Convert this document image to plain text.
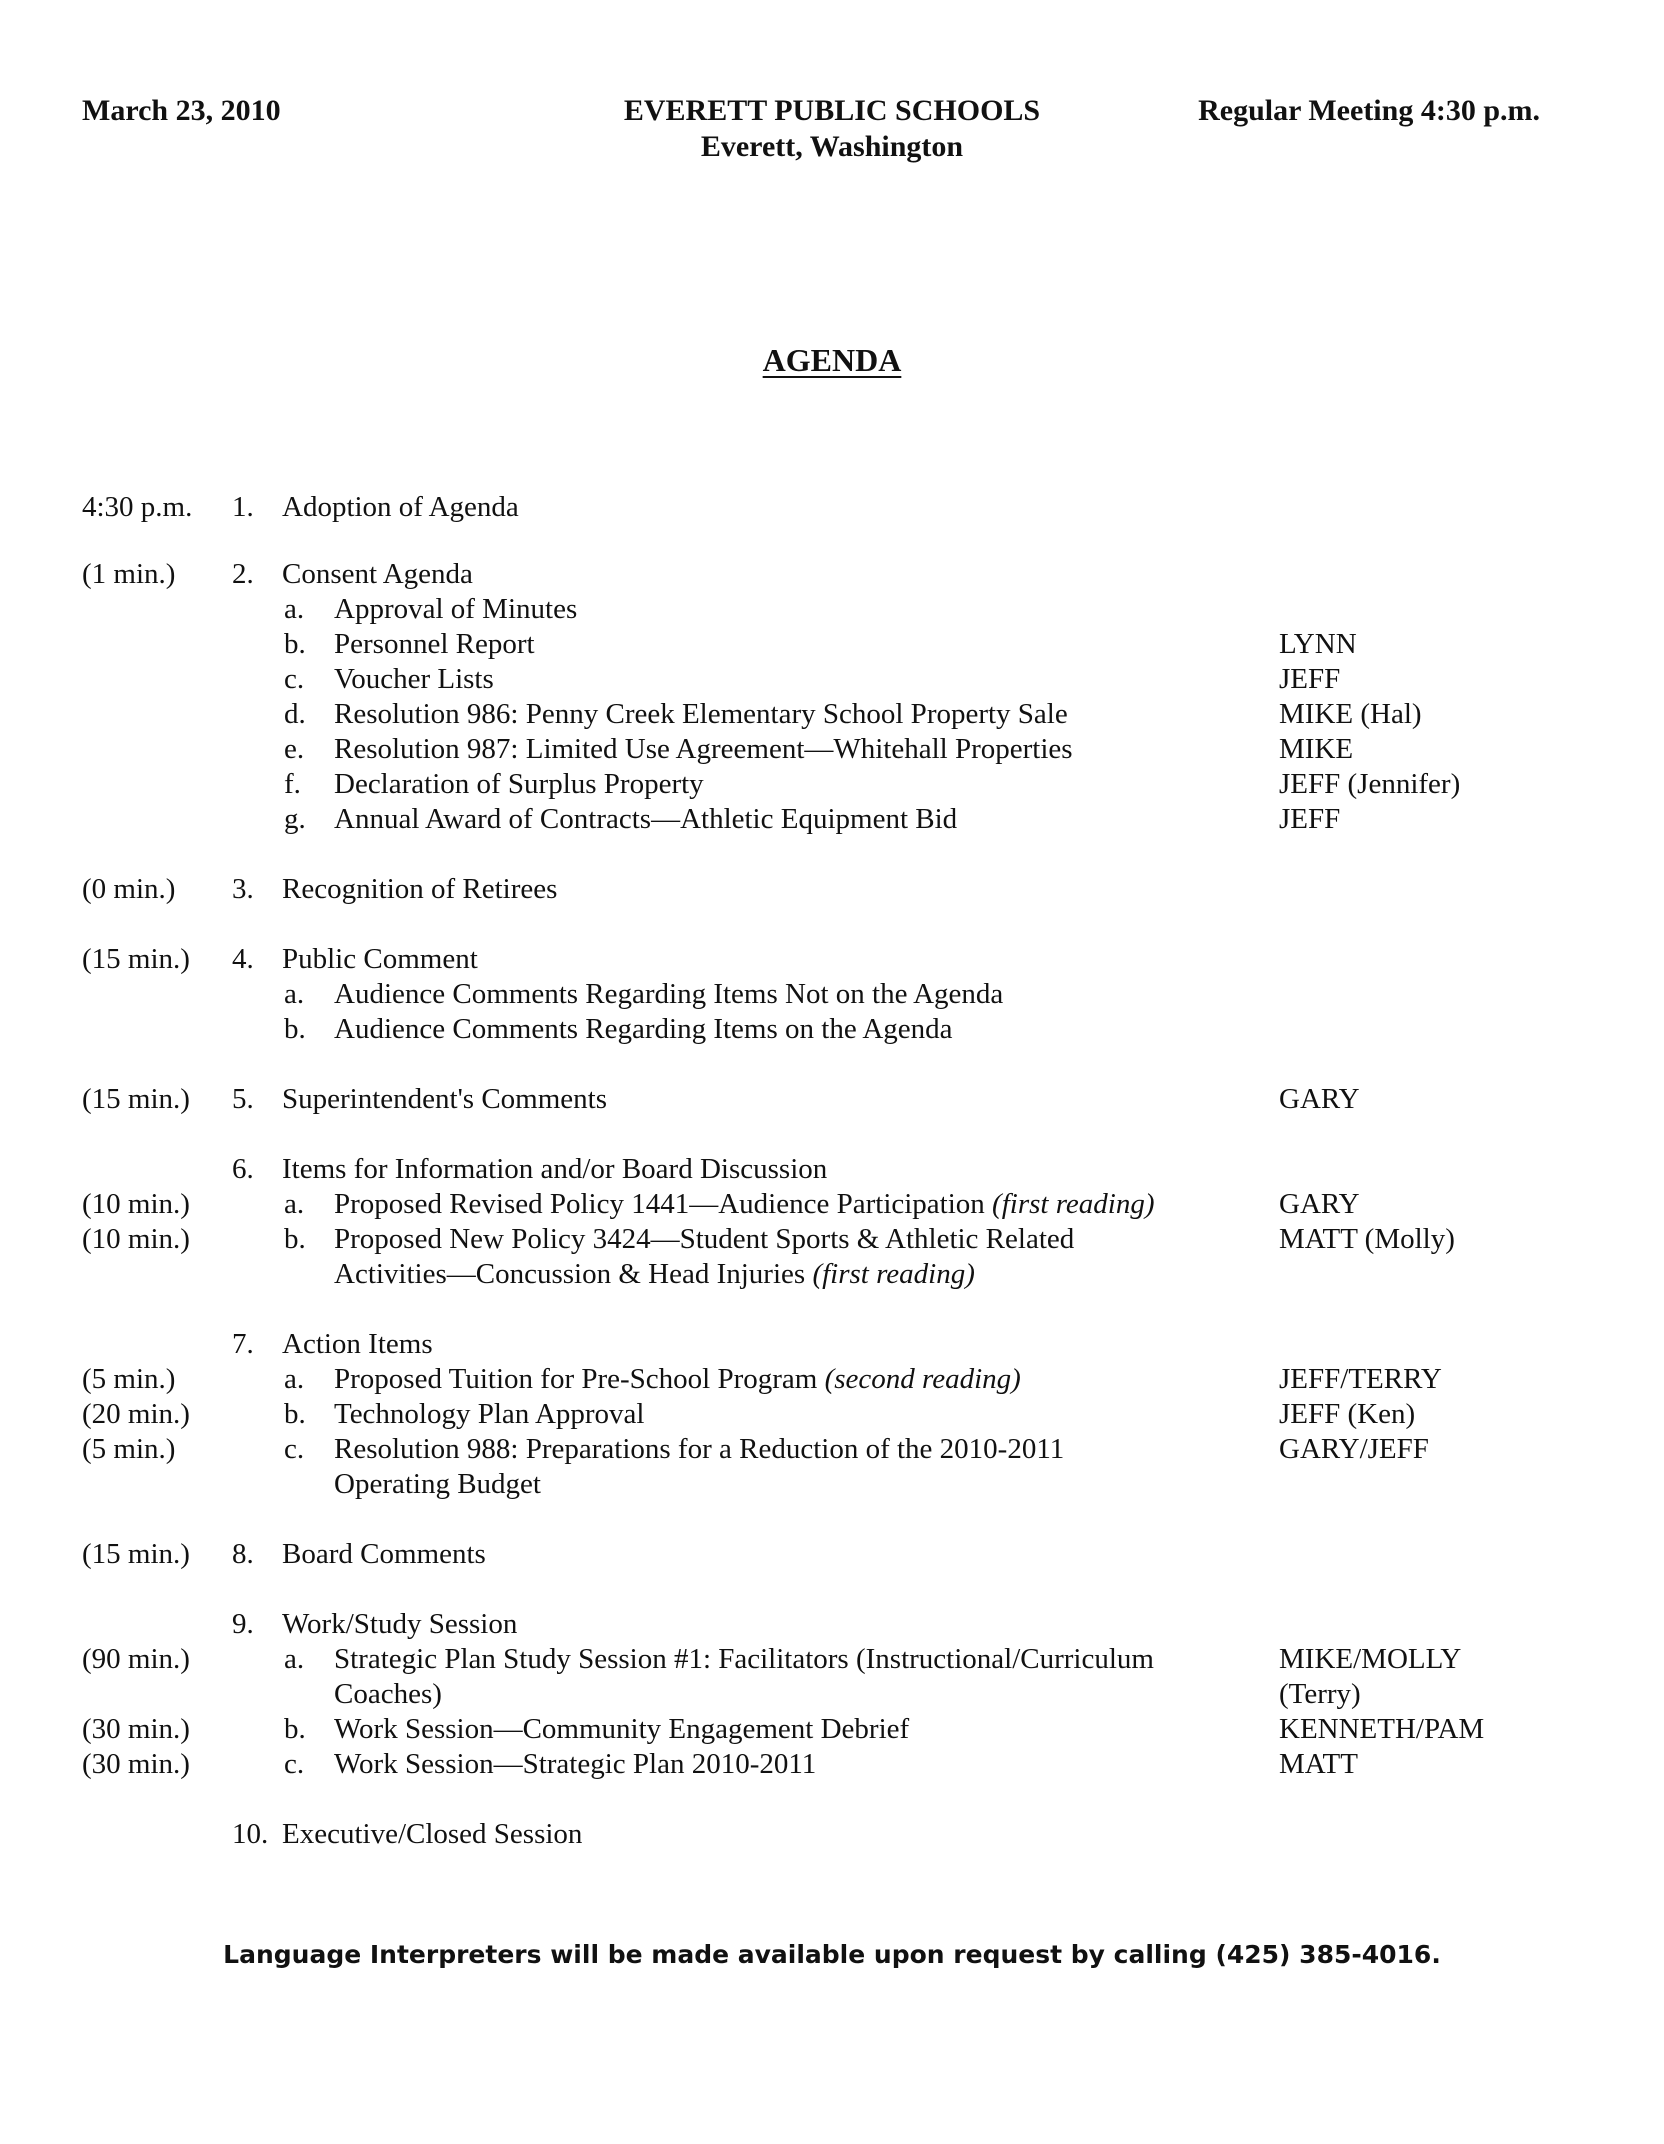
March 23, 2010	EVERETT PUBLIC SCHOOLS
Everett, Washington
Regular Meeting 4:30 p.m.
AGENDA
4:30 p.m. 1. Adoption of Agenda
(1 min.) 2. Consent Agenda
a. Approval of Minutes
b. Personnel Report	LYNN
c. Voucher Lists	JEFF
d. Resolution 986: Penny Creek Elementary School Property Sale	MIKE (Hal)
e. Resolution 987: Limited Use Agreement—Whitehall Properties	MIKE
f. Declaration of Surplus Property	JEFF (Jennifer)
g. Annual Award of Contracts—Athletic Equipment Bid	JEFF
(0 min.) 3. Recognition of Retirees
(15 min.) 4. Public Comment
a. Audience Comments Regarding Items Not on the Agenda
b. Audience Comments Regarding Items on the Agenda
(15 min.) 5. Superintendent's Comments	GARY
6. Items for Information and/or Board Discussion
(10 min.)	a. Proposed Revised Policy 1441—Audience Participation (first reading)	GARY
(10 min.)	b. Proposed New Policy 3424—Student Sports & Athletic Related	MATT (Molly)
Activities—Concussion & Head Injuries (first reading)
7. Action Items
(5 min.)	a. Proposed Tuition for Pre-School Program (second reading)	JEFF/TERRY
(20 min.)	b. Technology Plan Approval	JEFF (Ken)
(5 min.)	c. Resolution 988: Preparations for a Reduction of the 2010-2011	GARY/JEFF
Operating Budget
(15 min.) 8. Board Comments
9. Work/Study Session
(90 min.)	a. Strategic Plan Study Session #1: Facilitators (Instructional/Curriculum	MIKE/MOLLY
Coaches)	(Terry)
(30 min.)	b. Work Session—Community Engagement Debrief	KENNETH/PAM
(30 min.)	c. Work Session—Strategic Plan 2010-2011	MATT
10. Executive/Closed Session
Language Interpreters will be made available upon request by calling (425) 385-4016.
